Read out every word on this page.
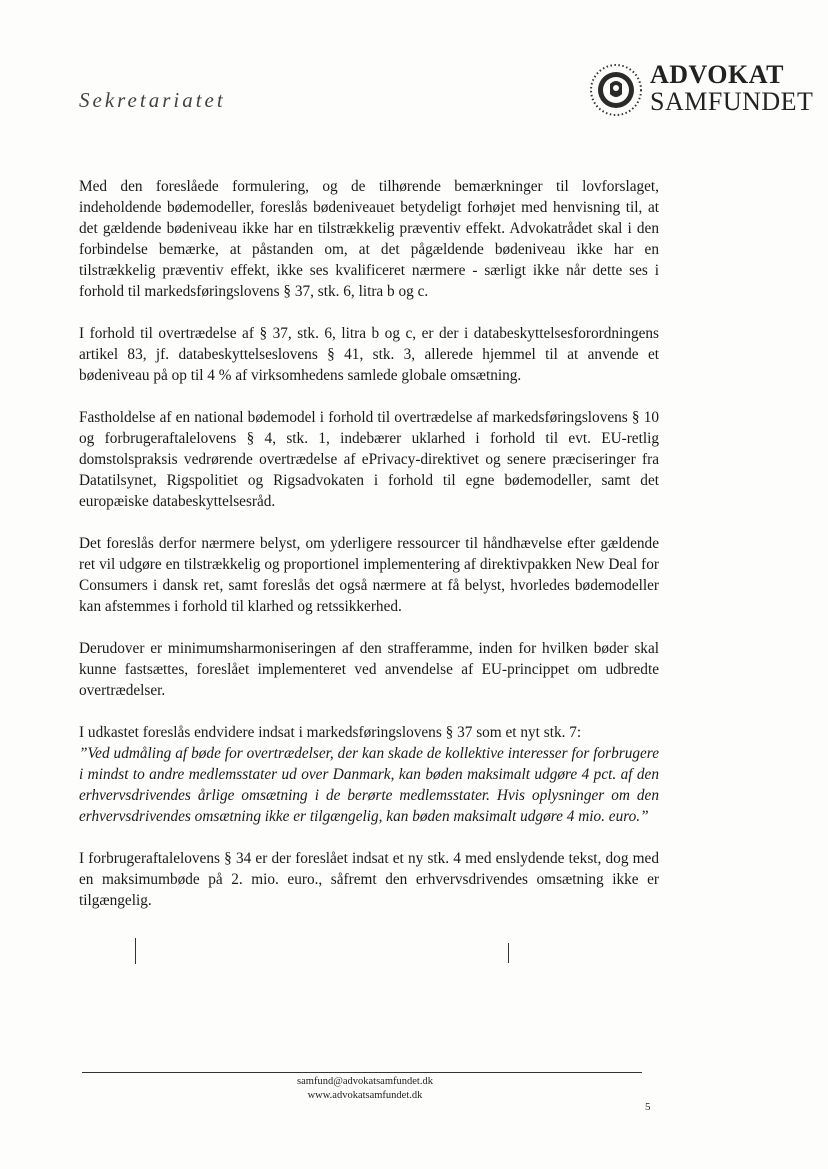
Sekretariatet
ADVOKAT
SAMFUNDET

Med den foreslåede formulering, og de tilhørende bemærkninger til lovforslaget, indeholdende bødemodeller, foreslås bødeniveauet betydeligt forhøjet med henvisning til, at det gældende bødeniveau ikke har en tilstrækkelig præventiv effekt. Advokatrådet skal i den forbindelse bemærke, at påstanden om, at det pågældende bødeniveau ikke har en tilstrækkelig præventiv effekt, ikke ses kvalificeret nærmere - særligt ikke når dette ses i forhold til markedsføringslovens § 37, stk. 6, litra b og c.

I forhold til overtrædelse af § 37, stk. 6, litra b og c, er der i databeskyttelsesforordningens artikel 83, jf. databeskyttelseslovens § 41, stk. 3, allerede hjemmel til at anvende et bødeniveau på op til 4 % af virksomhedens samlede globale omsætning.

Fastholdelse af en national bødemodel i forhold til overtrædelse af markedsføringslovens § 10 og forbrugeraftalelovens § 4, stk. 1, indebærer uklarhed i forhold til evt. EU-retlig domstolspraksis vedrørende overtrædelse af ePrivacy-direktivet og senere præciseringer fra Datatilsynet, Rigspolitiet og Rigsadvokaten i forhold til egne bødemodeller, samt det europæiske databeskyttelsesråd.

Det foreslås derfor nærmere belyst, om yderligere ressourcer til håndhævelse efter gældende ret vil udgøre en tilstrækkelig og proportionel implementering af direktivpakken New Deal for Consumers i dansk ret, samt foreslås det også nærmere at få belyst, hvorledes bødemodeller kan afstemmes i forhold til klarhed og retssikkerhed.

Derudover er minimumsharmoniseringen af den strafferamme, inden for hvilken bøder skal kunne fastsættes, foreslået implementeret ved anvendelse af EU-princippet om udbredte overtrædelser.

I udkastet foreslås endvidere indsat i markedsføringslovens § 37 som et nyt stk. 7:

”Ved udmåling af bøde for overtrædelser, der kan skade de kollektive interesser for forbrugere i mindst to andre medlemsstater ud over Danmark, kan bøden maksimalt udgøre 4 pct. af den erhvervsdrivendes årlige omsætning i de berørte medlemsstater. Hvis oplysninger om den erhvervsdrivendes omsætning ikke er tilgængelig, kan bøden maksimalt udgøre 4 mio. euro.”

I forbrugeraftalelovens § 34 er der foreslået indsat et ny stk. 4 med enslydende tekst, dog med en maksimumbøde på 2. mio. euro., såfremt den erhvervsdrivendes omsætning ikke er tilgængelig.

samfund@advokatsamfundet.dk
www.advokatsamfundet.dk
5
